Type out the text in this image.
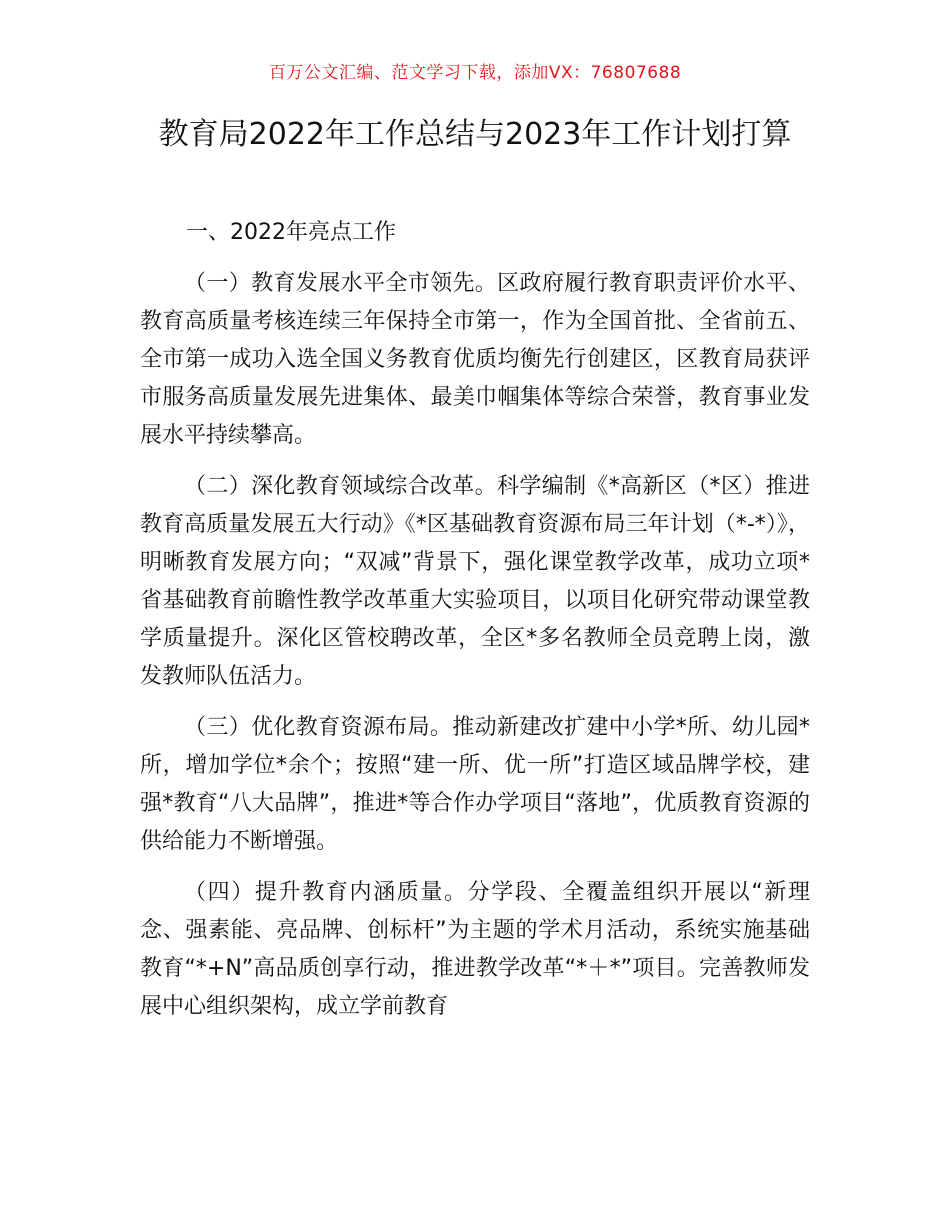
百万公文汇编、范文学习下载，添加VX：76807688
教育局2022年工作总结与2023年工作计划打算

一、2022年亮点工作

（一）教育发展水平全市领先。区政府履行教育职责评价水平、教育高质量考核连续三年保持全市第一，作为全国首批、全省前五、全市第一成功入选全国义务教育优质均衡先行创建区，区教育局获评市服务高质量发展先进集体、最美巾帼集体等综合荣誉，教育事业发展水平持续攀高。

（二）深化教育领域综合改革。科学编制《*高新区（*区）推进教育高质量发展五大行动》《*区基础教育资源布局三年计划（*-*）》，明晰教育发展方向；“双减”背景下，强化课堂教学改革，成功立项*省基础教育前瞻性教学改革重大实验项目，以项目化研究带动课堂教学质量提升。深化区管校聘改革，全区*多名教师全员竞聘上岗，激发教师队伍活力。

（三）优化教育资源布局。推动新建改扩建中小学*所、幼儿园*所，增加学位*余个；按照“建一所、优一所”打造区域品牌学校，建强*教育“八大品牌”，推进*等合作办学项目“落地”，优质教育资源的供给能力不断增强。

（四）提升教育内涵质量。分学段、全覆盖组织开展以“新理念、强素能、亮品牌、创标杆”为主题的学术月活动，系统实施基础教育“*+N”高品质创享行动，推进教学改革“*＋*”项目。完善教师发展中心组织架构，成立学前教育
